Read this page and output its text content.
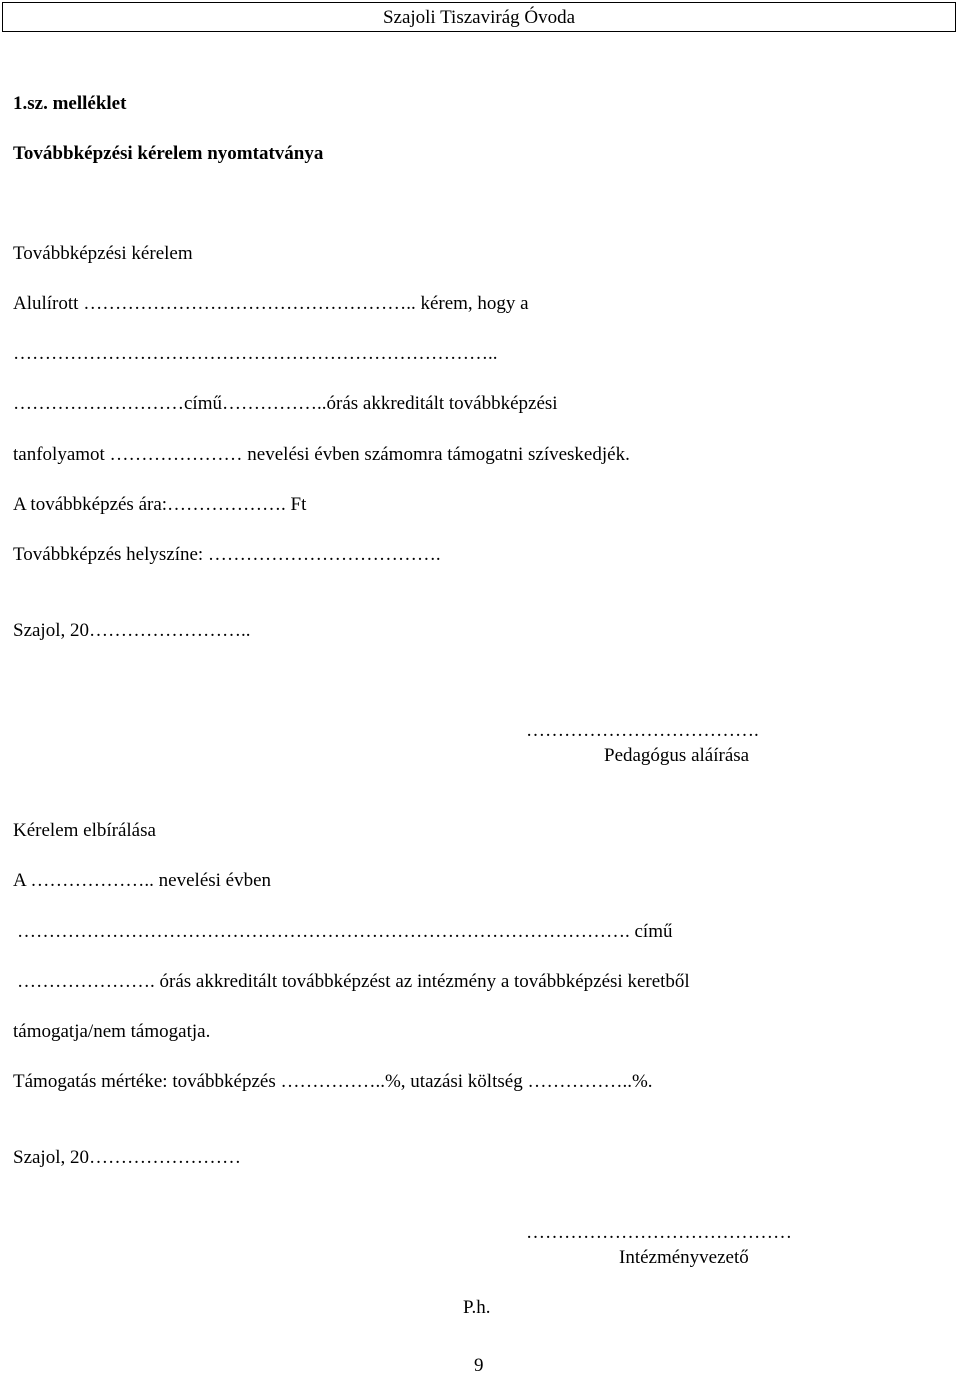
Szajoli Tiszavirág Óvoda
1.sz. melléklet
Továbbképzési kérelem nyomtatványa
Továbbképzési kérelem
Alulírott …………………………………………….. kérem, hogy a
…………………………………………………………………..
………………………című……………..órás akkreditált továbbképzési
tanfolyamot ………………… nevelési évben számomra támogatni szíveskedjék.
A továbbképzés ára:………………. Ft
Továbbképzés helyszíne: ……………………………….
Szajol, 20……………………..
……………………………….
Pedagógus aláírása
Kérelem elbírálása
A ……………….. nevelési évben
……………………………………………………………………………………. című
…………………. órás akkreditált továbbképzést az intézmény a továbbképzési keretből
támogatja/nem támogatja.
Támogatás mértéke: továbbképzés ……………..%, utazási költség ……………..%.
Szajol, 20……………………
……………………………………
Intézményvezető
P.h.
9
